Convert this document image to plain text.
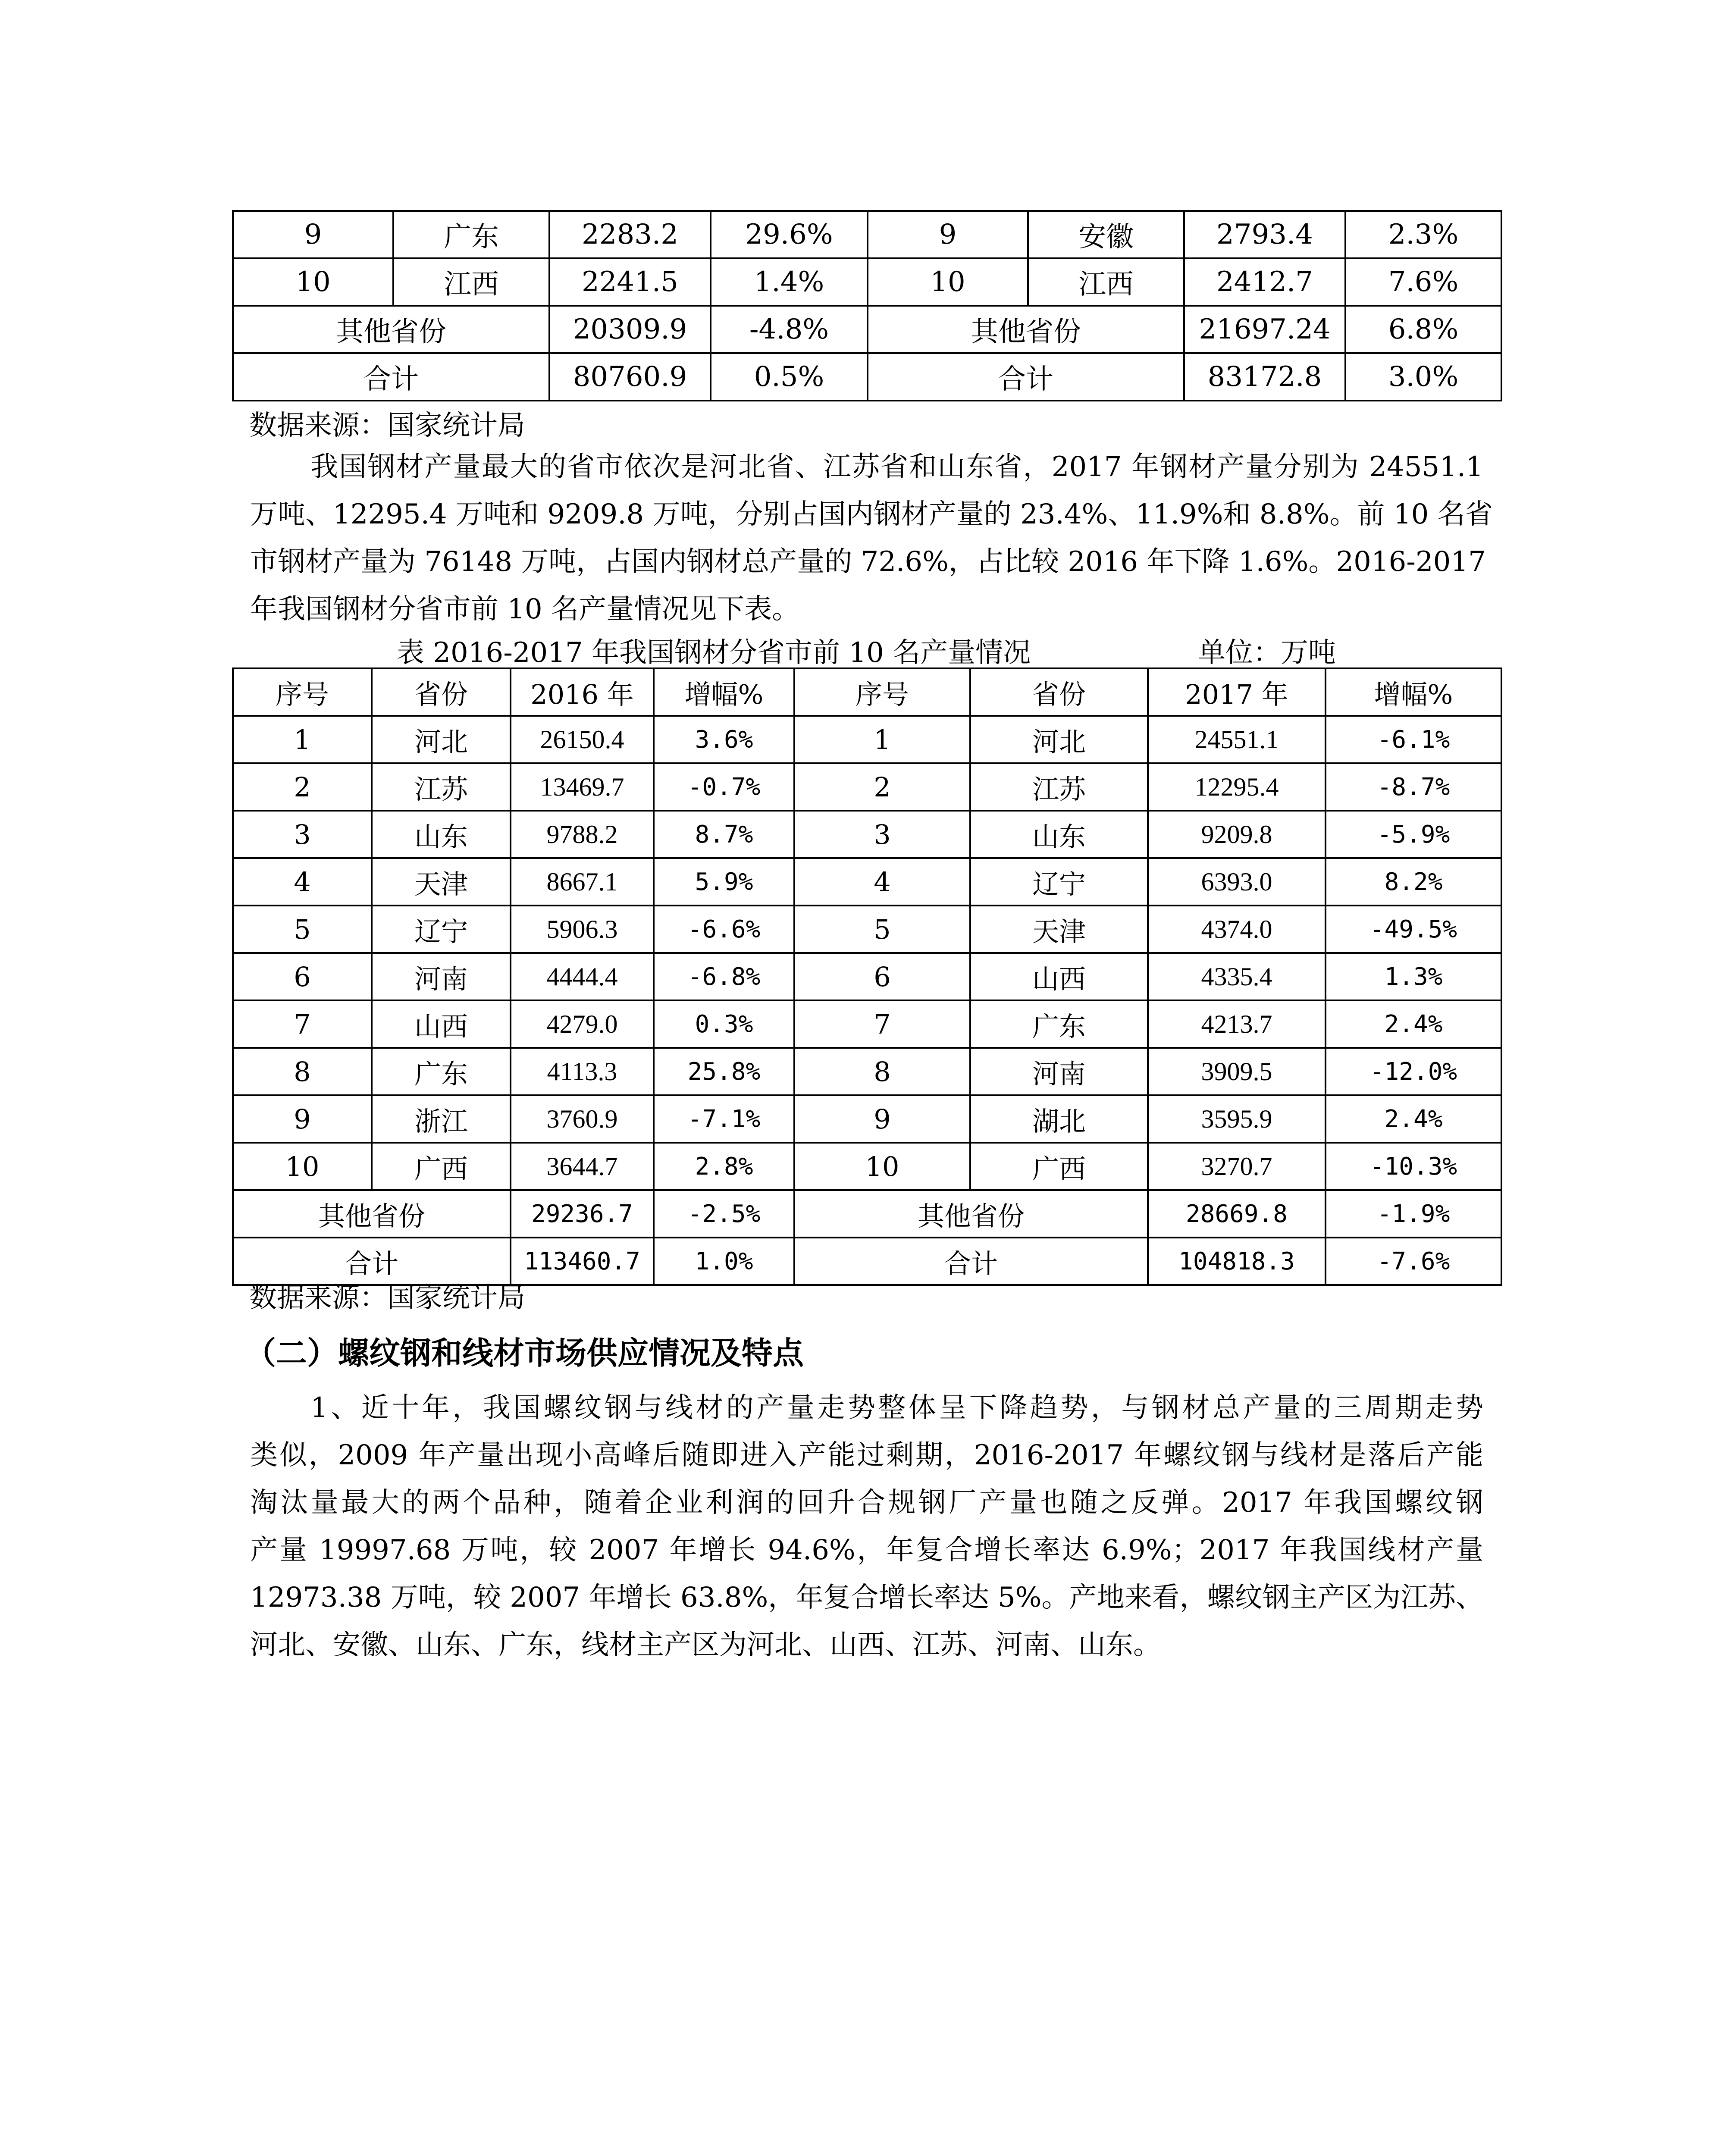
9	广东	2283.2	29.6%	9	安徽	2793.4	2.3%
10	江西	2241.5	1.4%	10	江西	2412.7	7.6%
其他省份		20309.9	-4.8%	其他省份		21697.24	6.8%
合计		80760.9	0.5%	合计		83172.8	3.0%
数据来源：国家统计局
我国钢材产量最大的省市依次是河北省、江苏省和山东省，2017 年钢材产量分别为 24551.1
万吨、12295.4 万吨和 9209.8 万吨，分别占国内钢材产量的 23.4%、11.9%和 8.8%。前 10 名省
市钢材产量为 76148 万吨，占国内钢材总产量的 72.6%，占比较 2016 年下降 1.6%。2016-2017
年我国钢材分省市前 10 名产量情况见下表。
表 2016-2017 年我国钢材分省市前 10 名产量情况	单位：万吨
序号	省份	2016 年	增幅%	序号	省份	2017 年	增幅%
1	河北	26150.4	3.6%	1	河北	24551.1	-6.1%
2	江苏	13469.7	-0.7%	2	江苏	12295.4	-8.7%
3	山东	9788.2	8.7%	3	山东	9209.8	-5.9%
4	天津	8667.1	5.9%	4	辽宁	6393.0	8.2%
5	辽宁	5906.3	-6.6%	5	天津	4374.0	-49.5%
6	河南	4444.4	-6.8%	6	山西	4335.4	1.3%
7	山西	4279.0	0.3%	7	广东	4213.7	2.4%
8	广东	4113.3	25.8%	8	河南	3909.5	-12.0%
9	浙江	3760.9	-7.1%	9	湖北	3595.9	2.4%
10	广西	3644.7	2.8%	10	广西	3270.7	-10.3%
其他省份		29236.7	-2.5%	其他省份		28669.8	-1.9%
合计		113460.7	1.0%	合计		104818.3	-7.6%
数据来源：国家统计局
（二）螺纹钢和线材市场供应情况及特点
1、近十年，我国螺纹钢与线材的产量走势整体呈下降趋势，与钢材总产量的三周期走势
类似，2009 年产量出现小高峰后随即进入产能过剩期，2016-2017 年螺纹钢与线材是落后产能
淘汰量最大的两个品种，随着企业利润的回升合规钢厂产量也随之反弹。2017 年我国螺纹钢
产量 19997.68 万吨，较 2007 年增长 94.6%，年复合增长率达 6.9%；2017 年我国线材产量
12973.38 万吨，较 2007 年增长 63.8%，年复合增长率达 5%。产地来看，螺纹钢主产区为江苏、
河北、安徽、山东、广东，线材主产区为河北、山西、江苏、河南、山东。
